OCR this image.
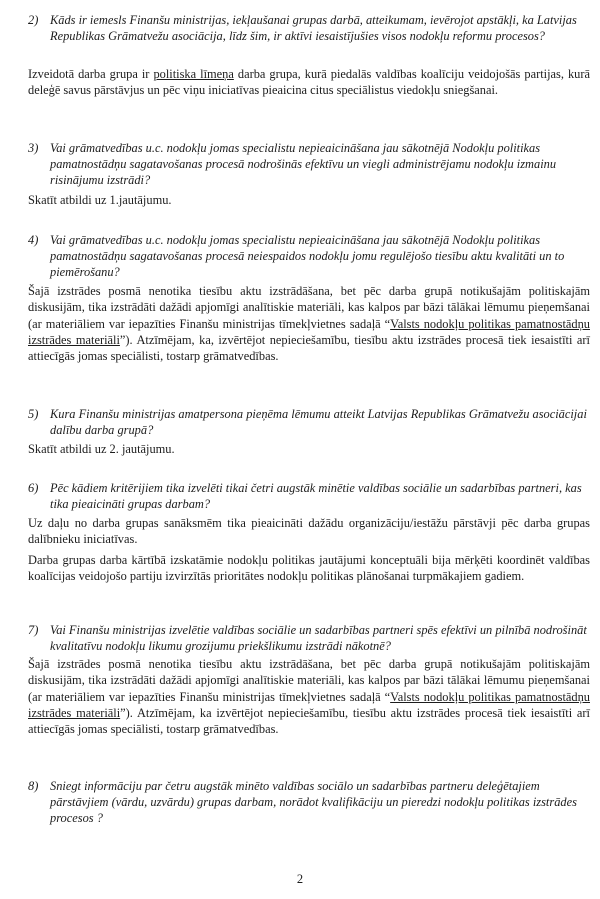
2) Kāds ir iemesls Finanšu ministrijas, iekļaušanai grupas darbā, atteikumam, ievērojot apstākļi, ka Latvijas Republikas Grāmatvežu asociācija, līdz šim, ir aktīvi iesaistījušies visos nodokļu reformu procesos?
Izveidotā darba grupa ir politiska līmeņa darba grupa, kurā piedalās valdības koalīciju veidojošās partijas, kurā deleģē savus pārstāvjus un pēc viņu iniciatīvas pieaicina citus speciālistus viedokļu sniegšanai.
3) Vai grāmatvedības u.c. nodokļu jomas specialistu nepieaicināšana jau sākotnējā Nodokļu politikas pamatnostādņu sagatavošanas procesā nodrošinās efektīvu un viegli administrējamu nodokļu izmainu risinājumu izstrādi?
Skatīt atbildi uz 1.jautājumu.
4) Vai grāmatvedības u.c. nodokļu jomas specialistu nepieaicināšana jau sākotnējā Nodokļu politikas pamatnostādņu sagatavošanas procesā neiespaidos nodokļu jomu regulējošo tiesību aktu kvalitāti un to piemērošanu?
Šajā izstrādes posmā nenotika tiesību aktu izstrādāšana, bet pēc darba grupā notikušajām politiskajām diskusijām, tika izstrādāti dažādi apjomīgi analītiskie materiāli, kas kalpos par bāzi tālākai lēmumu pieņemšanai (ar materiāliem var iepazīties Finanšu ministrijas tīmekļvietnes sadaļā “Valsts nodokļu politikas pamatnostādņu izstrādes materiāli”). Atzīmējam, ka, izvērtējot nepieciešamību, tiesību aktu izstrādes procesā tiek iesaistīti arī attiecīgās jomas speciālisti, tostarp grāmatvedības.
5) Kura Finanšu ministrijas amatpersona pieņēma lēmumu atteikt Latvijas Republikas Grāmatvežu asociācijai dalību darba grupā?
Skatīt atbildi uz 2. jautājumu.
6) Pēc kādiem kritērijiem tika izvelēti tikai četri augstāk minētie valdības sociālie un sadarbības partneri, kas tika pieaicināti grupas darbam?
Uz daļu no darba grupas sanāksmēm tika pieaicināti dažādu organizāciju/iestāžu pārstāvji pēc darba grupas dalībnieku iniciatīvas.
Darba grupas darba kārtībā izskatāmie nodokļu politikas jautājumi konceptuāli bija mērķēti koordinēt valdības koalīcijas veidojošo partiju izvirzītās prioritātes nodokļu politikas plānošanai turpmākajiem gadiem.
7) Vai Finanšu ministrijas izvelētie valdības sociālie un sadarbības partneri spēs efektīvi un pilnībā nodrošināt kvalitatīvu nodokļu likumu grozijumu priekšlikumu izstrādi nākotnē?
Šajā izstrādes posmā nenotika tiesību aktu izstrādāšana, bet pēc darba grupā notikušajām politiskajām diskusijām, tika izstrādāti dažādi apjomīgi analītiskie materiāli, kas kalpos par bāzi tālākai lēmumu pieņemšanai (ar materiāliem var iepazīties Finanšu ministrijas tīmekļvietnes sadaļā “Valsts nodokļu politikas pamatnostādņu izstrādes materiāli”). Atzīmējam, ka izvērtējot nepieciešamību, tiesību aktu izstrādes procesā tiek iesaistīti arī attiecīgās jomas speciālisti, tostarp grāmatvedības.
8) Sniegt informāciju par četru augstāk minēto valdības sociālo un sadarbības partneru deleģētajiem pārstāvjiem (vārdu, uzvārdu) grupas darbam, norādot kvalifikāciju un pieredzi nodokļu politikas izstrādes procesos ?
2
